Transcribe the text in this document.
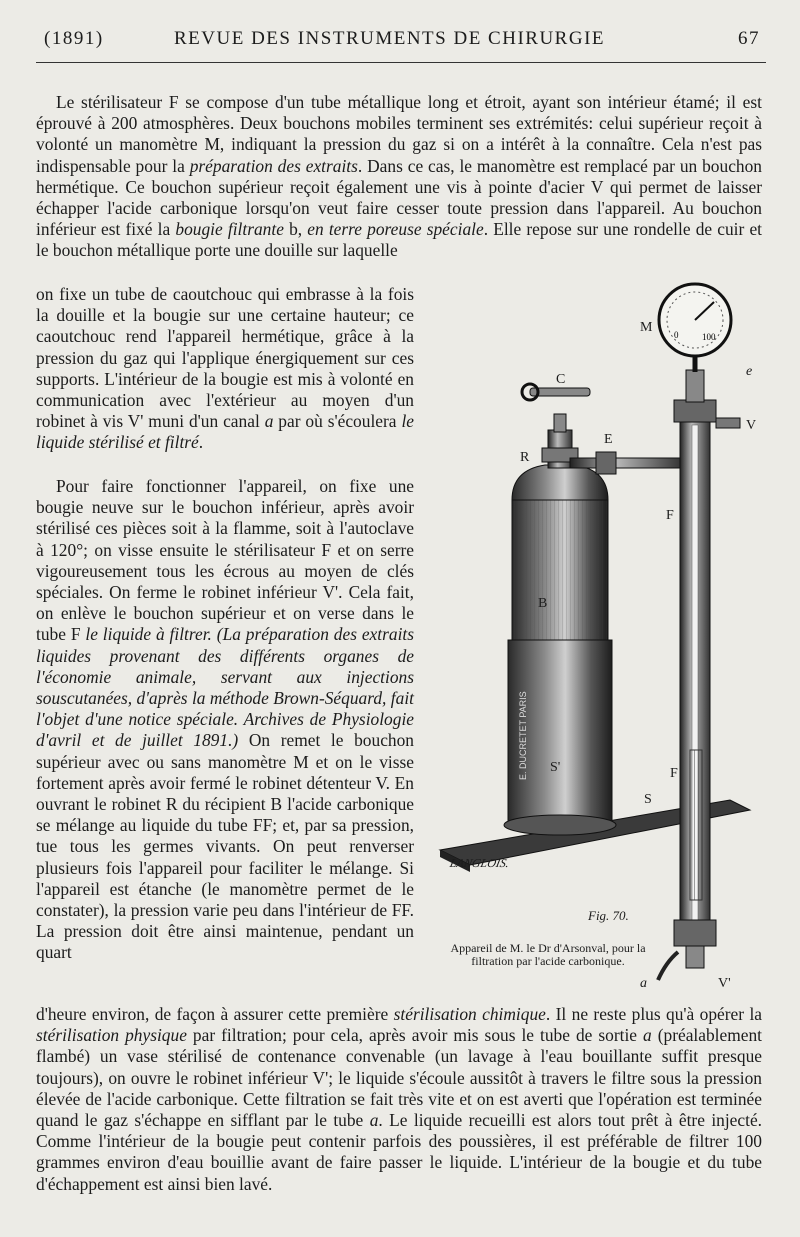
(1891)	REVUE DES INSTRUMENTS DE CHIRURGIE	67
Le stérilisateur F se compose d'un tube métallique long et étroit, ayant son intérieur étamé; il est éprouvé à 200 atmosphères. Deux bouchons mobiles terminent ses extrémités: celui supérieur reçoit à volonté un manomètre M, indiquant la pression du gaz si on a intérêt à la connaître. Cela n'est pas indispensable pour la préparation des extraits. Dans ce cas, le manomètre est remplacé par un bouchon hermétique. Ce bouchon supérieur reçoit également une vis à pointe d'acier V qui permet de laisser échapper l'acide carbonique lorsqu'on veut faire cesser toute pression dans l'appareil. Au bouchon inférieur est fixé la bougie filtrante b, en terre poreuse spéciale. Elle repose sur une rondelle de cuir et le bouchon métallique porte une douille sur laquelle
on fixe un tube de caoutchouc qui embrasse à la fois la douille et la bougie sur une certaine hauteur; ce caoutchouc rend l'appareil hermétique, grâce à la pression du gaz qui l'applique énergiquement sur ces supports. L'intérieur de la bougie est mis à volonté en communication avec l'extérieur au moyen d'un robinet à vis V' muni d'un canal a par où s'écoulera le liquide stérilisé et filtré.
Pour faire fonctionner l'appareil, on fixe une bougie neuve sur le bouchon inférieur, après avoir stérilisé ces pièces soit à la flamme, soit à l'autoclave à 120°; on visse ensuite le stérilisateur F et on serre vigoureusement tous les écrous au moyen de clés spéciales. On ferme le robinet inférieur V'. Cela fait, on enlève le bouchon supérieur et on verse dans le tube F le liquide à filtrer. (La préparation des extraits liquides provenant des différents organes de l'économie animale, servant aux injections souscutanées, d'après la méthode Brown-Séquard, fait l'objet d'une notice spéciale. Archives de Physiologie d'avril et de juillet 1891.) On remet le bouchon supérieur avec ou sans manomètre M et on le visse fortement après avoir fermé le robinet détenteur V. En ouvrant le robinet R du récipient B l'acide carbonique se mélange au liquide du tube FF; et, par sa pression, tue tous les germes vivants. On peut renverser plusieurs fois l'appareil pour faciliter le mélange. Si l'appareil est étanche (le manomètre permet de le constater), la pression varie peu dans l'intérieur de FF. La pression doit être ainsi maintenue, pendant un quart
d'heure environ, de façon à assurer cette première stérilisation chimique. Il ne reste plus qu'à opérer la stérilisation physique par filtration; pour cela, après avoir mis sous le tube de sortie a (préalablement flambé) un vase stérilisé de contenance convenable (un lavage à l'eau bouillante suffit presque toujours), on ouvre le robinet inférieur V'; le liquide s'écoule aussitôt à travers le filtre sous la pression élevée de l'acide carbonique. Cette filtration se fait très vite et on est averti que l'opération est terminée quand le gaz s'échappe en sifflant par le tube a. Le liquide recueilli est alors tout prêt à être injecté. Comme l'intérieur de la bougie peut contenir parfois des poussières, il est préférable de filtrer 100 grammes environ d'eau bouillie avant de faire passer le liquide. L'intérieur de la bougie et du tube d'échappement est ainsi bien lavé.
0	100
E. DUCRETET PARIS
M
e
C
V
R
E
F
B
S'	F
S
a	V'
LANGLOIS.
Fig. 70.
Appareil de M. le Dr d'Arsonval, pour la filtration par l'acide carbonique.
